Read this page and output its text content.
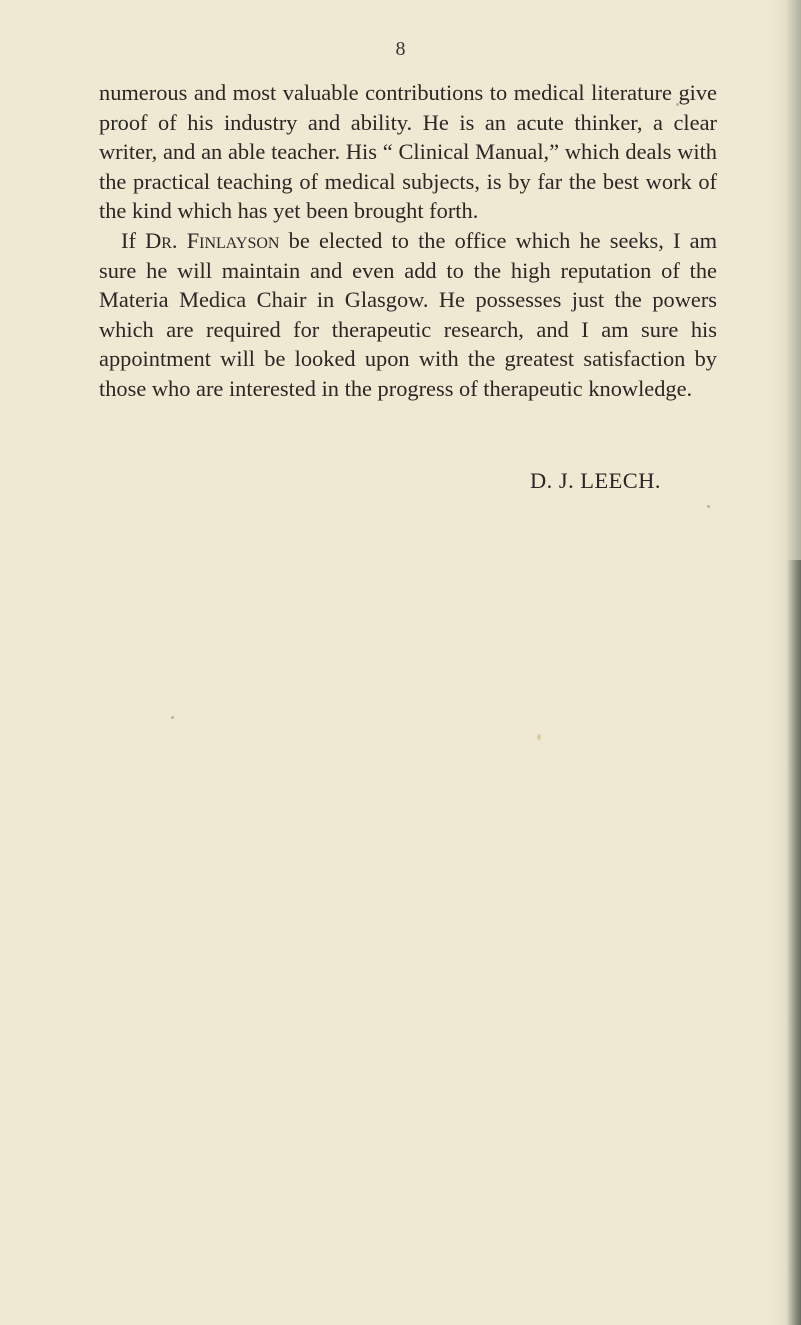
8

numerous and most valuable contributions to medical literature give proof of his industry and ability. He is an acute thinker, a clear writer, and an able teacher. His “ Clinical Manual,” which deals with the practical teaching of medical subjects, is by far the best work of the kind which has yet been brought forth.

If Dr. Finlayson be elected to the office which he seeks, I am sure he will maintain and even add to the high reputation of the Materia Medica Chair in Glasgow. He possesses just the powers which are required for therapeutic research, and I am sure his appointment will be looked upon with the greatest satisfaction by those who are interested in the progress of therapeutic knowledge.

D. J. LEECH.
